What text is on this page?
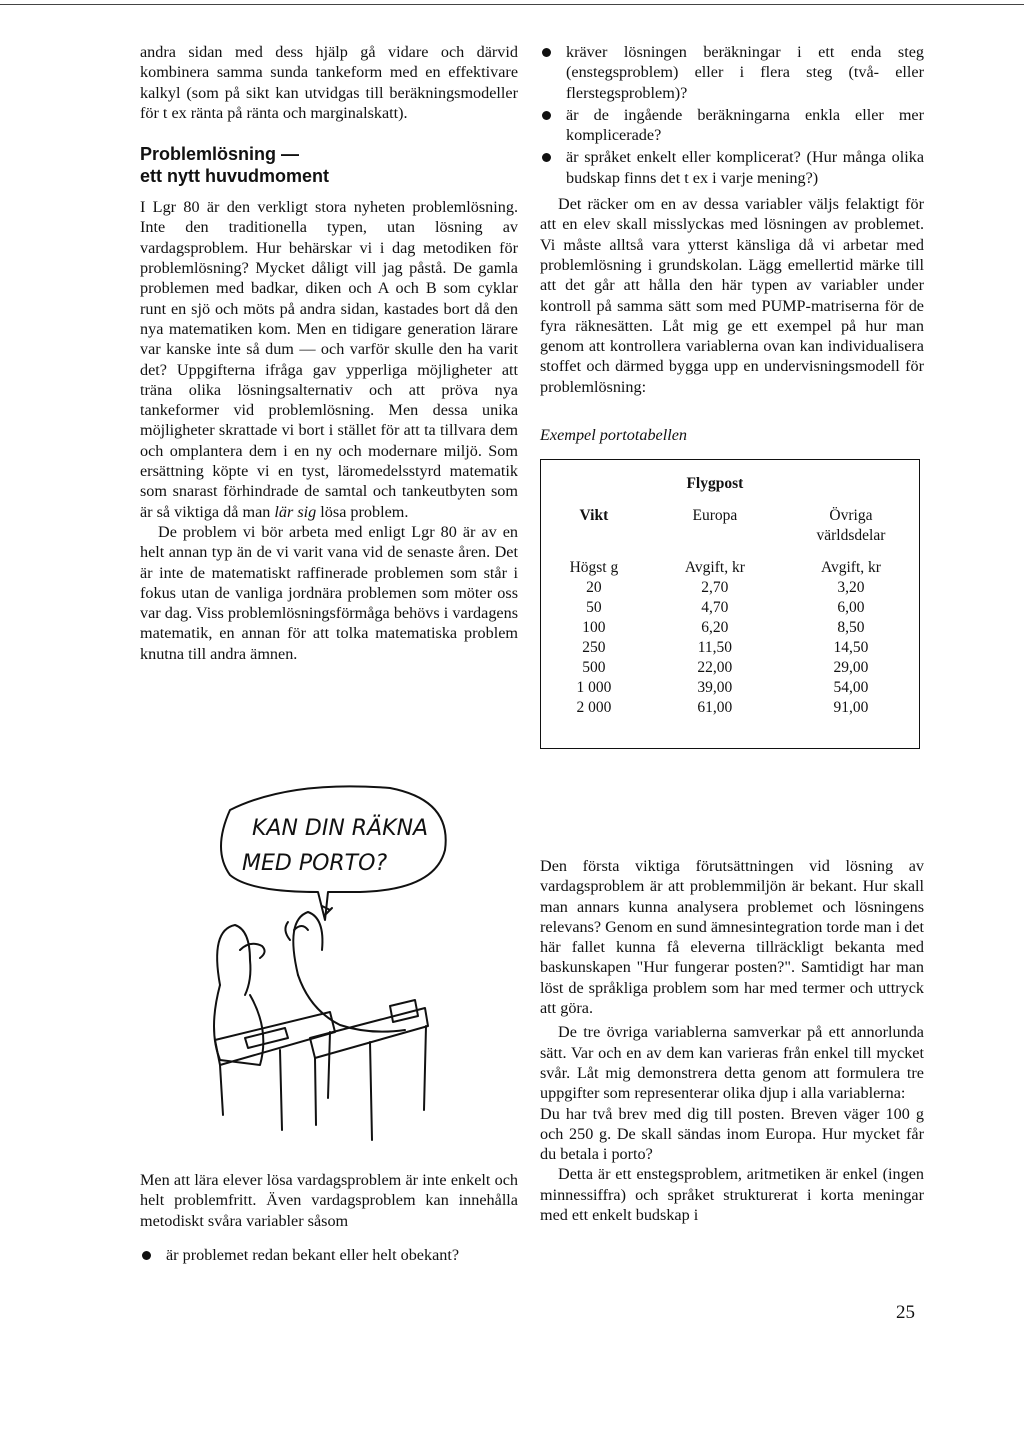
andra sidan med dess hjälp gå vidare och därvid kombinera samma sunda tankeform med en effektivare kalkyl (som på sikt kan utvidgas till beräkningsmodeller för t ex ränta på ränta och marginalskatt).

Problemlösning —
ett nytt huvudmoment

I Lgr 80 är den verkligt stora nyheten problemlösning. Inte den traditionella typen, utan lösning av vardagsproblem. Hur behärskar vi i dag metodiken för problemlösning? Mycket dåligt vill jag påstå. De gamla problemen med badkar, diken och A och B som cyklar runt en sjö och möts på andra sidan, kastades bort då den nya matematiken kom. Men en tidigare generation lärare var kanske inte så dum — och varför skulle den ha varit det? Uppgifterna ifråga gav ypperliga möjligheter att träna olika lösningsalternativ och att pröva nya tankeformer vid problemlösning. Men dessa unika möjligheter skrattade vi bort i stället för att ta tillvara dem och omplantera dem i en ny och modernare miljö. Som ersättning köpte vi en tyst, läromedelsstyrd matematik som snarast förhindrade de samtal och tankeutbyten som är så viktiga då man lär sig lösa problem.

De problem vi bör arbeta med enligt Lgr 80 är av en helt annan typ än de vi varit vana vid de senaste åren. Det är inte de matematiskt raffinerade problemen som står i fokus utan de vanliga jordnära problemen som möter oss var dag. Viss problemlösningsförmåga behövs i vardagens matematik, en annan för att tolka matematiska problem knutna till andra ämnen.

KAN DIN RÄKNA
MED PORTO?

Men att lära elever lösa vardagsproblem är inte enkelt och helt problemfritt. Även vardagsproblem kan innehålla metodiskt svåra variabler såsom

är problemet redan bekant eller helt obekant?
kräver lösningen beräkningar i ett enda steg (enstegsproblem) eller i flera steg (två- eller flerstegsproblem)?
är de ingående beräkningarna enkla eller mer komplicerade?
är språket enkelt eller komplicerat? (Hur många olika budskap finns det t ex i varje mening?)

Det räcker om en av dessa variabler väljs felaktigt för att en elev skall misslyckas med lösningen av problemet. Vi måste alltså vara ytterst känsliga då vi arbetar med problemlösning i grundskolan. Lägg emellertid märke till att det går att hålla den här typen av variabler under kontroll på samma sätt som med PUMP-matriserna för de fyra räknesätten. Låt mig ge ett exempel på hur man genom att kontrollera variablerna ovan kan individualisera stoffet och därmed bygga upp en undervisningsmodell för problemlösning:

Exempel portotabellen
	Flygpost	

Vikt	Europa	Övriga
		världsdelar

Högst g	Avgift, kr	Avgift, kr
20	2,70	3,20
50	4,70	6,00
100	6,20	8,50
250	11,50	14,50
500	22,00	29,00
1 000	39,00	54,00
2 000	61,00	91,00

Den första viktiga förutsättningen vid lösning av vardagsproblem är att problemmiljön är bekant. Hur skall man annars kunna analysera problemet och lösningens relevans? Genom en sund ämnesintegration torde man i det här fallet kunna få eleverna tillräckligt bekanta med baskunskapen "Hur fungerar posten?". Samtidigt har man löst de språkliga problem som har med termer och uttryck att göra.

De tre övriga variablerna samverkar på ett annorlunda sätt. Var och en av dem kan varieras från enkel till mycket svår. Låt mig demonstrera detta genom att formulera tre uppgifter som representerar olika djup i alla variablerna:

Du har två brev med dig till posten. Breven väger 100 g och 250 g. De skall sändas inom Europa. Hur mycket får du betala i porto?

Detta är ett enstegsproblem, aritmetiken är enkel (ingen minnessiffra) och språket strukturerat i korta meningar med ett enkelt budskap i

25
